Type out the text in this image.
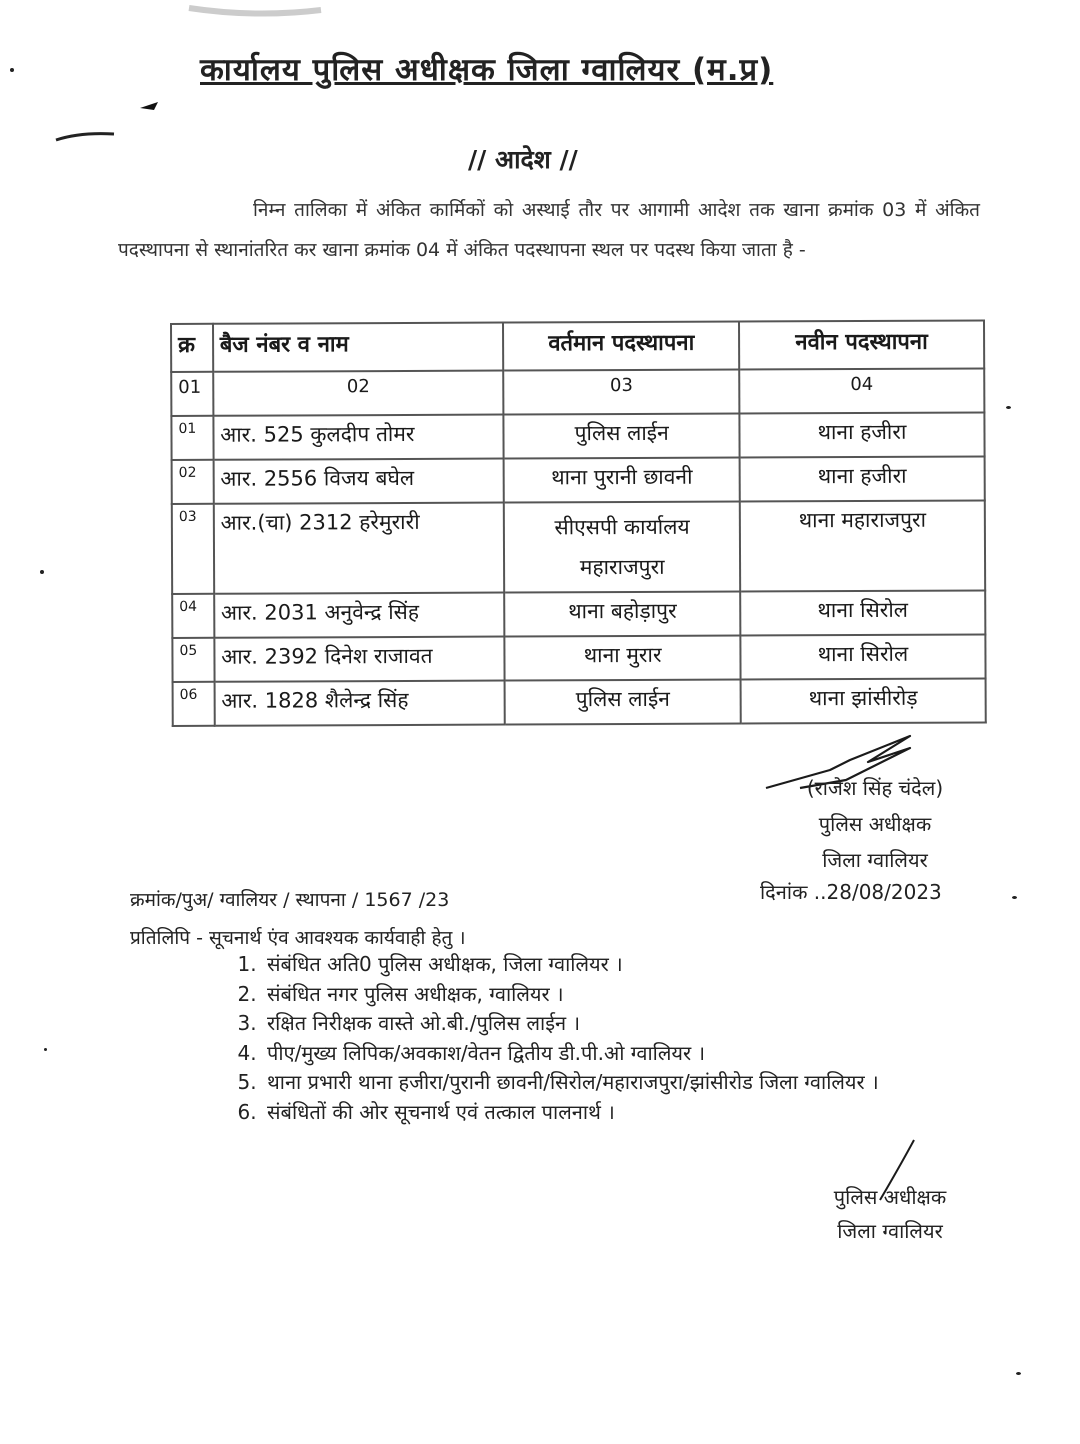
कार्यालय पुलिस अधीक्षक जिला ग्वालियर (म.प्र)
// आदेश //
निम्न तालिका में अंकित कार्मिकों को अस्थाई तौर पर आगामी आदेश तक खाना क्रमांक 03 में अंकित पदस्थापना से स्थानांतरित कर खाना क्रमांक 04 में अंकित पदस्थापना स्थल पर पदस्थ किया जाता है -
क्र	बैज नंबर व नाम	वर्तमान पदस्थापना	नवीन पदस्थापना
01	02	03	04
01	आर. 525 कुलदीप तोमर	पुलिस लाईन	थाना हजीरा
02	आर. 2556 विजय बघेल	थाना पुरानी छावनी	थाना हजीरा
03	आर.(चा) 2312 हरेमुरारी	सीएसपी कार्यालय महाराजपुरा	थाना महाराजपुरा
04	आर. 2031 अनुवेन्द्र सिंह	थाना बहोड़ापुर	थाना सिरोल
05	आर. 2392 दिनेश राजावत	थाना मुरार	थाना सिरोल
06	आर. 1828 शैलेन्द्र सिंह	पुलिस लाईन	थाना झांसीरोड़
(राजेश सिंह चंदेल)
पुलिस अधीक्षक
जिला ग्वालियर
दिनांक ..28/08/2023
क्रमांक/पुअ/ ग्वालियर / स्थापना / 1567 /23
प्रतिलिपि - सूचनार्थ एंव आवश्यक कार्यवाही हेतु ।
1. संबंधित अति0 पुलिस अधीक्षक, जिला ग्वालियर ।
2. संबंधित नगर पुलिस अधीक्षक, ग्वालियर ।
3. रक्षित निरीक्षक वास्ते ओ.बी./पुलिस लाईन ।
4. पीए/मुख्य लिपिक/अवकाश/वेतन द्वितीय डी.पी.ओ ग्वालियर ।
5. थाना प्रभारी थाना हजीरा/पुरानी छावनी/सिरोल/महाराजपुरा/झांसीरोड जिला ग्वालियर ।
6. संबंधितों की ओर सूचनार्थ एवं तत्काल पालनार्थ ।
पुलिस अधीक्षक
जिला ग्वालियर
